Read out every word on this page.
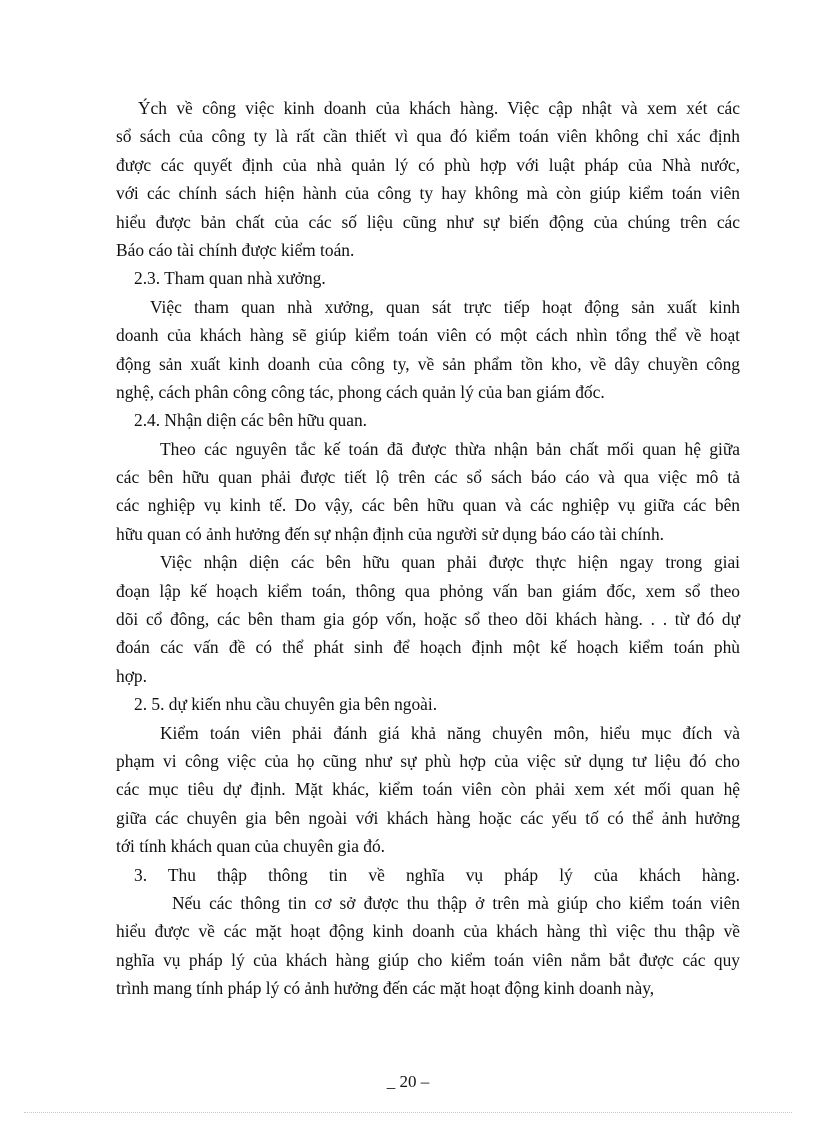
Ých về công việc kinh doanh của khách hàng. Việc cập nhật và xem xét các
sổ sách của công ty là rất cần thiết vì qua đó kiểm toán viên không chỉ xác định
được các quyết định của nhà quản lý có phù hợp với luật pháp của Nhà nước,
với các chính sách hiện hành của công ty hay không mà còn giúp kiểm toán viên
hiểu được bản chất của các số liệu cũng như sự biến động của chúng trên các
Báo cáo tài chính được kiểm toán.
2.3. Tham quan nhà xưởng.
Việc tham quan nhà xưởng, quan sát trực tiếp hoạt động sản xuất kinh
doanh của khách hàng sẽ giúp kiểm toán viên có một cách nhìn tổng thể về hoạt
động sản xuất kinh doanh của công ty, về sản phẩm tồn kho, về dây chuyền công
nghệ, cách phân công công tác, phong cách quản lý của ban giám đốc.
2.4. Nhận diện các bên hữu quan.
Theo các nguyên tắc kế toán đã được thừa nhận bản chất mối quan hệ giữa
các bên hữu quan phải được tiết lộ trên các sổ sách báo cáo và qua việc mô tả
các nghiệp vụ kinh tế. Do vậy, các bên hữu quan và các nghiệp vụ giữa các bên
hữu quan có ảnh hưởng đến sự nhận định của người sử dụng báo cáo tài chính.
Việc nhận diện các bên hữu quan phải được thực hiện ngay trong giai
đoạn lập kế hoạch kiểm toán, thông qua phỏng vấn ban giám đốc, xem sổ theo
dõi cổ đông, các bên tham gia góp vốn, hoặc sổ theo dõi khách hàng. . . từ đó dự
đoán các vấn đề có thể phát sinh để hoạch định một kế hoạch kiểm toán phù
hợp.
2. 5. dự kiến nhu cầu chuyên gia bên ngoài.
Kiểm toán viên phải đánh giá khả năng chuyên môn, hiểu mục đích và
phạm vi công việc của họ cũng như sự phù hợp của việc sử dụng tư liệu đó cho
các mục tiêu dự định. Mặt khác, kiểm toán viên còn phải xem xét mối quan hệ
giữa các chuyên gia bên ngoài với khách hàng hoặc các yếu tố có thể ảnh hưởng
tới tính khách quan của chuyên gia đó.
3. Thu thập thông tin về nghĩa vụ pháp lý của khách hàng.
Nếu các thông tin cơ sở được thu thập ở trên mà giúp cho kiểm toán viên
hiểu được về các mặt hoạt động kinh doanh của khách hàng thì việc thu thập về
nghĩa vụ pháp lý của khách hàng giúp cho kiểm toán viên nắm bắt được các quy
trình mang tính pháp lý có ảnh hưởng đến các mặt hoạt động kinh doanh này,
_ 20 –
